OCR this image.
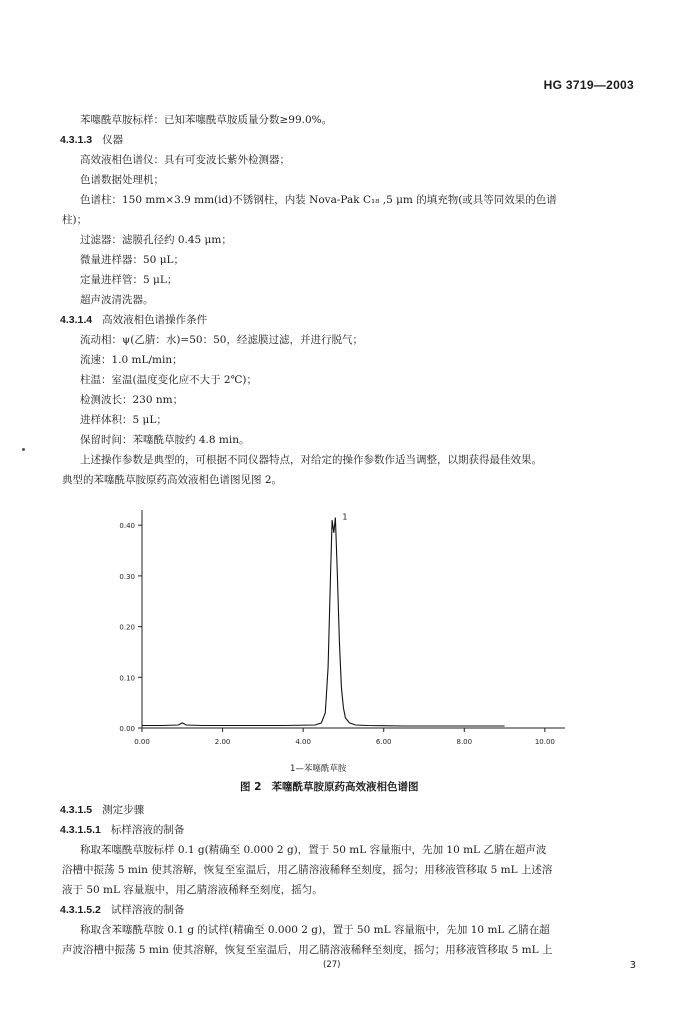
HG 3719—2003
苯噻酰草胺标样：已知苯噻酰草胺质量分数≥99.0%。
4.3.1.3 仪器
高效液相色谱仪：具有可变波长紫外检测器；
色谱数据处理机；
色谱柱：150 mm×3.9 mm(id)不锈钢柱，内装 Nova-Pak C₁₈ ,5 μm 的填充物(或具等同效果的色谱
柱)；
过滤器：滤膜孔径约 0.45 μm；
微量进样器：50 μL；
定量进样管：5 μL；
超声波清洗器。
4.3.1.4 高效液相色谱操作条件
流动相：ψ(乙腈：水)=50：50，经滤膜过滤，并进行脱气；
流速：1.0 mL/min；
柱温：室温(温度变化应不大于 2℃)；
检测波长：230 nm；
进样体积：5 μL；
保留时间：苯噻酰草胺约 4.8 min。
上述操作参数是典型的，可根据不同仪器特点，对给定的操作参数作适当调整，以期获得最佳效果。
典型的苯噻酰草胺原药高效液相色谱图见图 2。
0.00
0.10
0.20
0.30
0.40
0.00	2.00	4.00	6.00	8.00	10.00
1
1—苯噻酰草胺
图 2 苯噻酰草胺原药高效液相色谱图
4.3.1.5 测定步骤
4.3.1.5.1 标样溶液的制备
称取苯噻酰草胺标样 0.1 g(精确至 0.000 2 g)，置于 50 mL 容量瓶中，先加 10 mL 乙腈在超声波
浴槽中振荡 5 min 使其溶解，恢复至室温后，用乙腈溶液稀释至刻度，摇匀；用移液管移取 5 mL 上述溶
液于 50 mL 容量瓶中，用乙腈溶液稀释至刻度，摇匀。
4.3.1.5.2 试样溶液的制备
称取含苯噻酰草胺 0.1 g 的试样(精确至 0.000 2 g)，置于 50 mL 容量瓶中，先加 10 mL 乙腈在超
声波浴槽中振荡 5 min 使其溶解，恢复至室温后，用乙腈溶液稀释至刻度，摇匀；用移液管移取 5 mL 上
(27)	3
